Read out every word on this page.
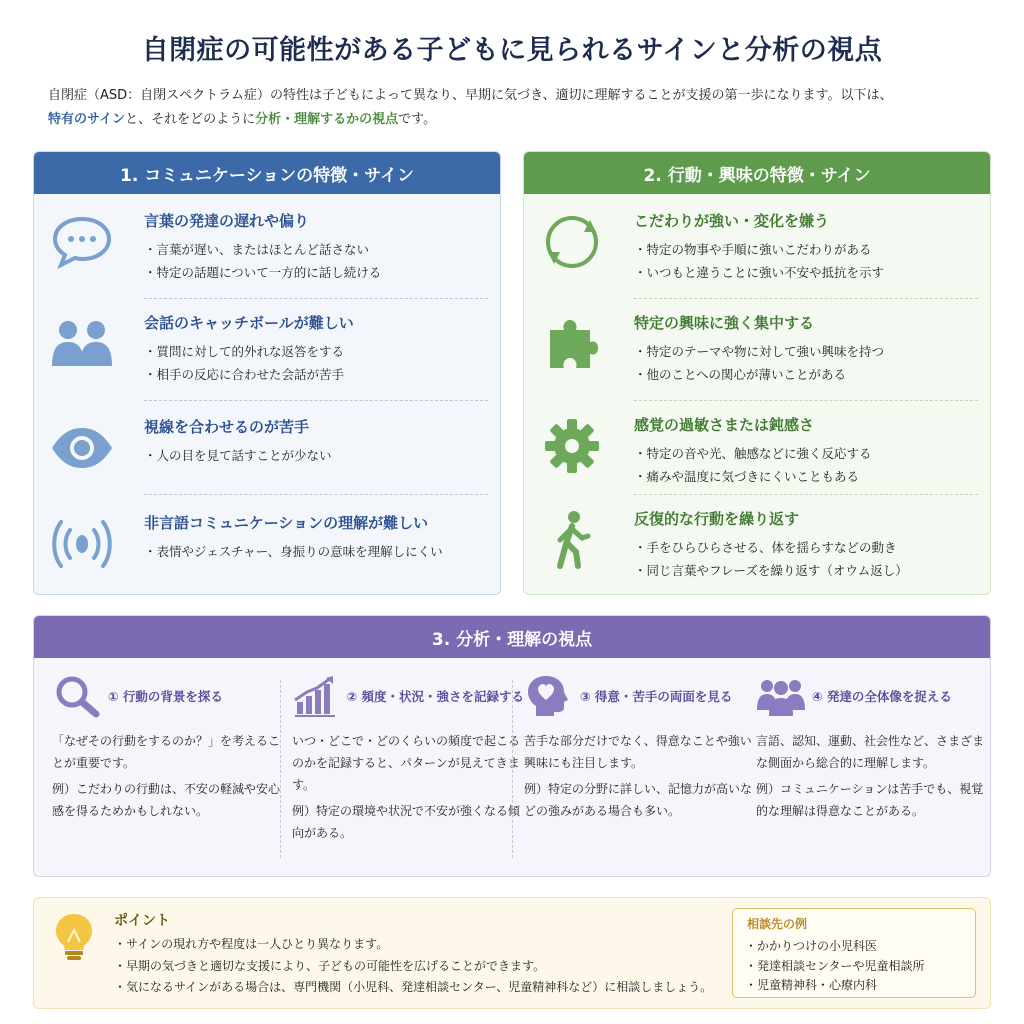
自閉症の可能性がある子どもに見られるサインと分析の視点
自閉症（ASD：自閉スペクトラム症）の特性は子どもによって異なり、早期に気づき、適切に理解することが支援の第一歩になります。以下は、
特有のサインと、それをどのように分析・理解するかの視点です。
1. コミュニケーションの特徴・サイン
言葉の発達の遅れや偏り
・ 言葉が遅い、またはほとんど話さない
・ 特定の話題について一方的に話し続ける
会話のキャッチボールが難しい
・ 質問に対して的外れな返答をする
・ 相手の反応に合わせた会話が苦手
視線を合わせるのが苦手
・ 人の目を見て話すことが少ない
非言語コミュニケーションの理解が難しい
・ 表情やジェスチャー、身振りの意味を理解しにくい
2. 行動・興味の特徴・サイン
こだわりが強い・変化を嫌う
・ 特定の物事や手順に強いこだわりがある
・ いつもと違うことに強い不安や抵抗を示す
特定の興味に強く集中する
・ 特定のテーマや物に対して強い興味を持つ
・ 他のことへの関心が薄いことがある
感覚の過敏さまたは鈍感さ
・ 特定の音や光、触感などに強く反応する
・ 痛みや温度に気づきにくいこともある
反復的な行動を繰り返す
・ 手をひらひらさせる、体を揺らすなどの動き
・ 同じ言葉やフレーズを繰り返す（オウム返し）
3. 分析・理解の視点
① 行動の背景を探る

「なぜその行動をするのか？」を考えることが重要です。

例）こだわりの行動は、不安の軽減や安心感を得るためかもしれない。

② 頻度・状況・強さを記録する

いつ・どこで・どのくらいの頻度で起こるのかを記録すると、パターンが見えてきます。

例）特定の環境や状況で不安が強くなる傾向がある。

③ 得意・苦手の両面を見る

苦手な部分だけでなく、得意なことや強い興味にも注目します。

例）特定の分野に詳しい、記憶力が高いなどの強みがある場合も多い。

④ 発達の全体像を捉える

言語、認知、運動、社会性など、さまざまな側面から総合的に理解します。

例）コミュニケーションは苦手でも、視覚的な理解は得意なことがある。

ポイント
・ サインの現れ方や程度は一人ひとり異なります。
・ 早期の気づきと適切な支援により、子どもの可能性を広げることができます。
・ 気になるサインがある場合は、専門機関（小児科、発達相談センター、児童精神科など）に相談しましょう。
相談先の例
・ かかりつけの小児科医
・ 発達相談センターや児童相談所
・ 児童精神科・心療内科
